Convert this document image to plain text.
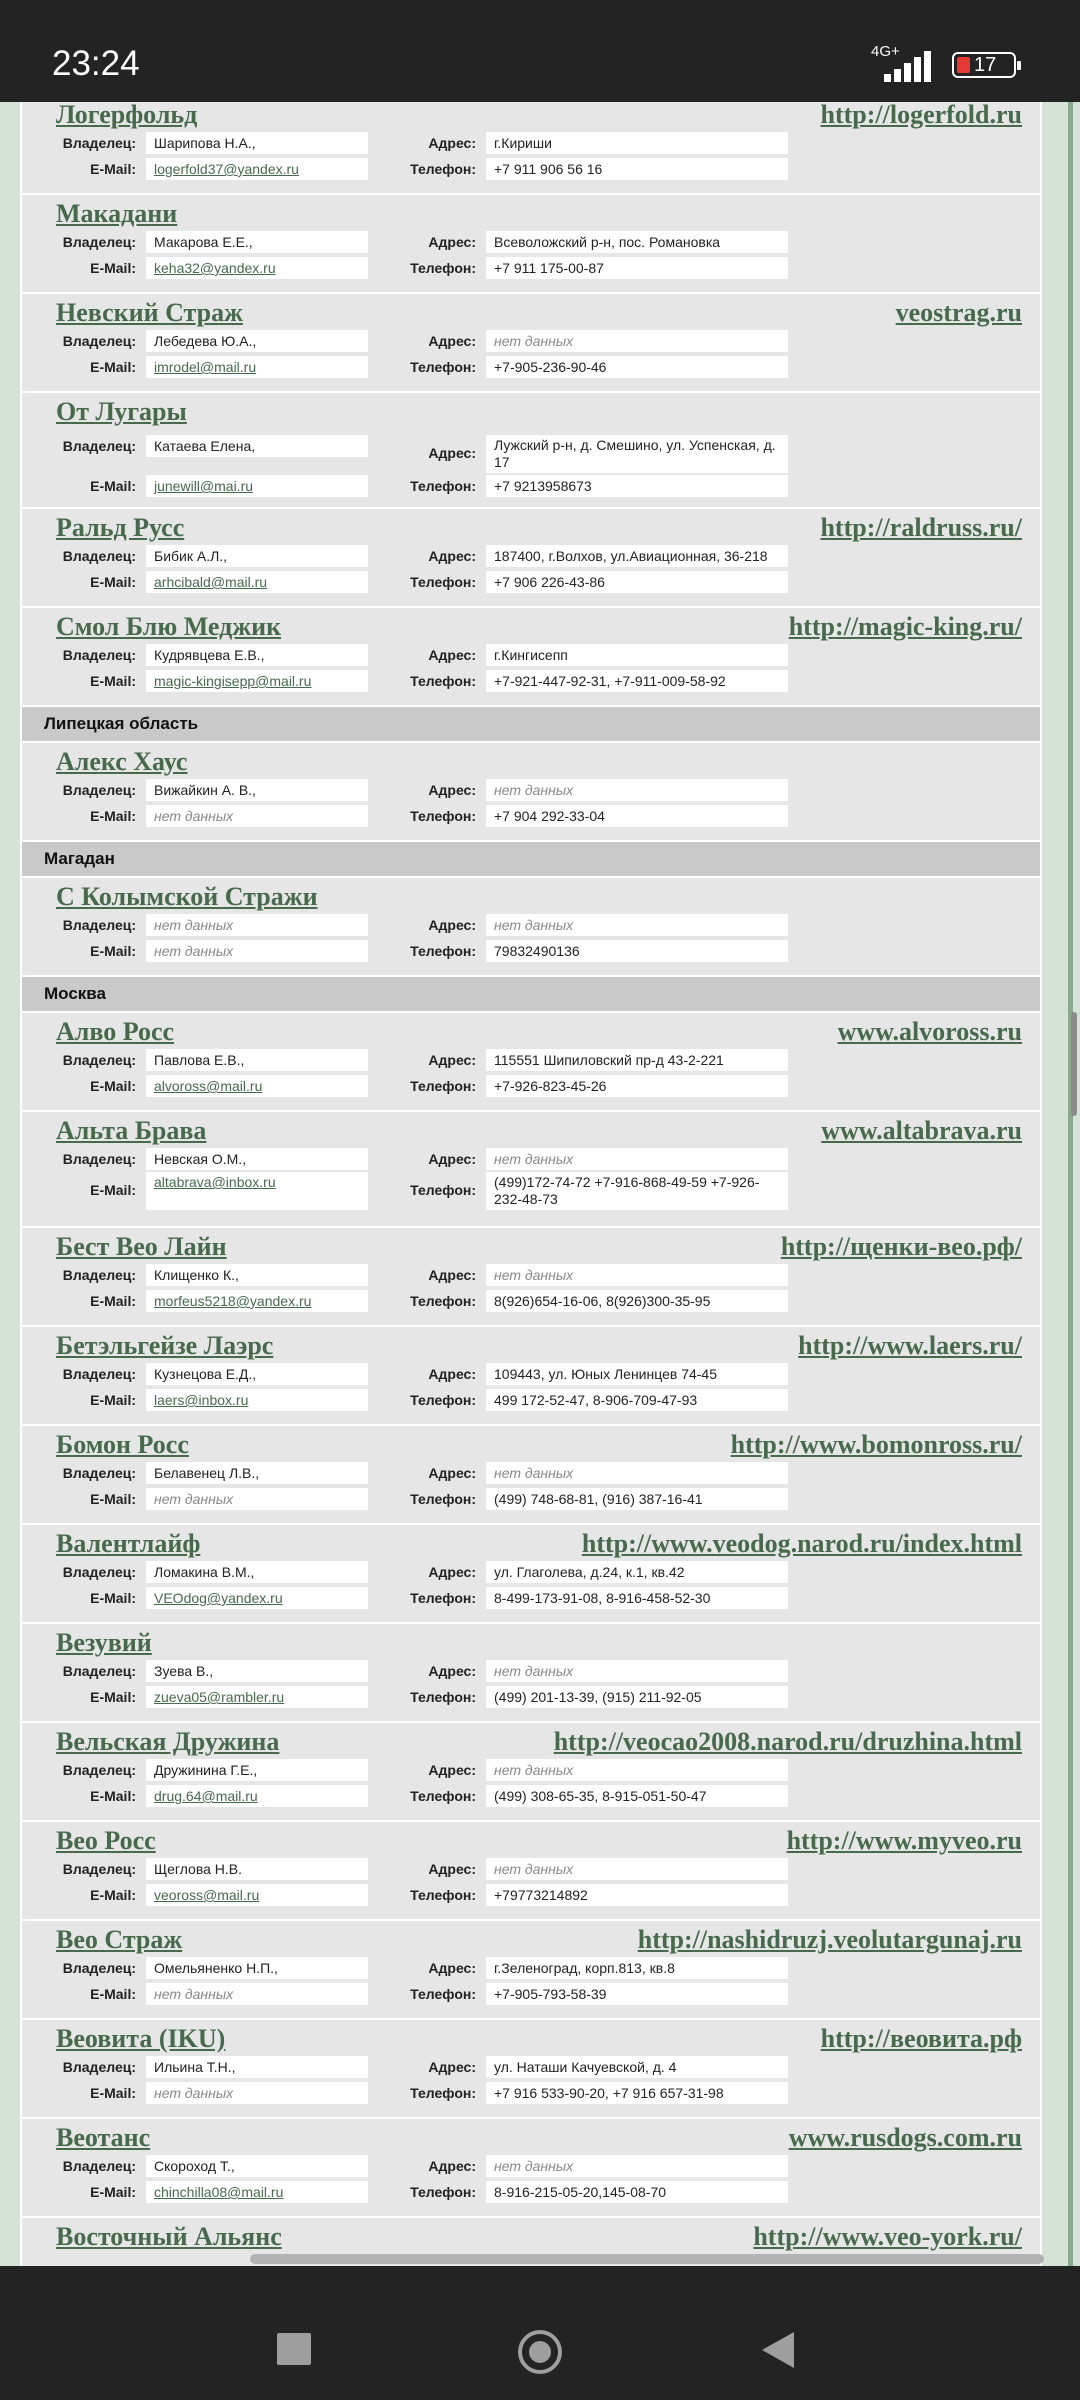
23:24	4G+
17
Логерфольд	http://logerfold.ru
Владелец:	Шарипова Н.А.,	Адрес:	г.Кириши
E-Mail:	logerfold37@yandex.ru	Телефон:	+7 911 906 56 16
Макадани
Владелец:	Макарова Е.Е.,	Адрес:	Всеволожский р-н, пос. Романовка
E-Mail:	keha32@yandex.ru	Телефон:	+7 911 175-00-87
Невский Страж	veostrag.ru
Владелец:	Лебедева Ю.А.,	Адрес:	нет данных
E-Mail:	imrodel@mail.ru	Телефон:	+7-905-236-90-46
От Лугары
Владелец:	Катаева Елена,	Адрес:	Лужский р-н, д. Смешино, ул. Успенская, д. 17
E-Mail:	junewill@mai.ru	Телефон:	+7 9213958673
Ральд Русс	http://raldruss.ru/
Владелец:	Бибик А.Л.,	Адрес:	187400, г.Волхов, ул.Авиационная, 36-218
E-Mail:	arhcibald@mail.ru	Телефон:	+7 906 226-43-86
Смол Блю Меджик	http://magic-king.ru/
Владелец:	Кудрявцева Е.В.,	Адрес:	г.Кингисепп
E-Mail:	magic-kingisepp@mail.ru	Телефон:	+7-921-447-92-31, +7-911-009-58-92
Липецкая область
Алекс Хаус
Владелец:	Вижайкин А. В.,	Адрес:	нет данных
E-Mail:	нет данных	Телефон:	+7 904 292-33-04
Магадан
С Колымской Стражи
Владелец:	нет данных	Адрес:	нет данных
E-Mail:	нет данных	Телефон:	79832490136
Москва
Алво Росс	www.alvoross.ru
Владелец:	Павлова Е.В.,	Адрес:	115551 Шипиловский пр-д 43-2-221
E-Mail:	alvoross@mail.ru	Телефон:	+7-926-823-45-26
Альта Брава	www.altabrava.ru
Владелец:	Невская О.М.,	Адрес:	нет данных
E-Mail:	altabrava@inbox.ru	Телефон:	(499)172-74-72 +7-916-868-49-59 +7-926-232-48-73
Бест Вео Лайн	http://щенки-вео.рф/
Владелец:	Клищенко К.,	Адрес:	нет данных
E-Mail:	morfeus5218@yandex.ru	Телефон:	8(926)654-16-06, 8(926)300-35-95
Бетэльгейзе Лаэрс	http://www.laers.ru/
Владелец:	Кузнецова Е.Д.,	Адрес:	109443, ул. Юных Ленинцев 74-45
E-Mail:	laers@inbox.ru	Телефон:	499 172-52-47, 8-906-709-47-93
Бомон Росс	http://www.bomonross.ru/
Владелец:	Белавенец Л.В.,	Адрес:	нет данных
E-Mail:	нет данных	Телефон:	(499) 748-68-81, (916) 387-16-41
Валентлайф	http://www.veodog.narod.ru/index.html
Владелец:	Ломакина В.М.,	Адрес:	ул. Глаголева, д.24, к.1, кв.42
E-Mail:	VEOdog@yandex.ru	Телефон:	8-499-173-91-08, 8-916-458-52-30
Везувий
Владелец:	Зуева В.,	Адрес:	нет данных
E-Mail:	zueva05@rambler.ru	Телефон:	(499) 201-13-39, (915) 211-92-05
Вельская Дружина	http://veocao2008.narod.ru/druzhina.html
Владелец:	Дружинина Г.Е.,	Адрес:	нет данных
E-Mail:	drug.64@mail.ru	Телефон:	(499) 308-65-35, 8-915-051-50-47
Вео Росс	http://www.myveo.ru
Владелец:	Щеглова Н.В.	Адрес:	нет данных
E-Mail:	veoross@mail.ru	Телефон:	+79773214892
Вео Страж	http://nashidruzj.veolutargunaj.ru
Владелец:	Омельяненко Н.П.,	Адрес:	г.Зеленоград, корп.813, кв.8
E-Mail:	нет данных	Телефон:	+7-905-793-58-39
Веовита (IKU)	http://веовита.рф
Владелец:	Ильина Т.Н.,	Адрес:	ул. Наташи Качуевской, д. 4
E-Mail:	нет данных	Телефон:	+7 916 533-90-20, +7 916 657-31-98
Веотанс	www.rusdogs.com.ru
Владелец:	Скороход Т.,	Адрес:	нет данных
E-Mail:	chinchilla08@mail.ru	Телефон:	8-916-215-05-20,145-08-70
Восточный Альянс	http://www.veo-york.ru/
